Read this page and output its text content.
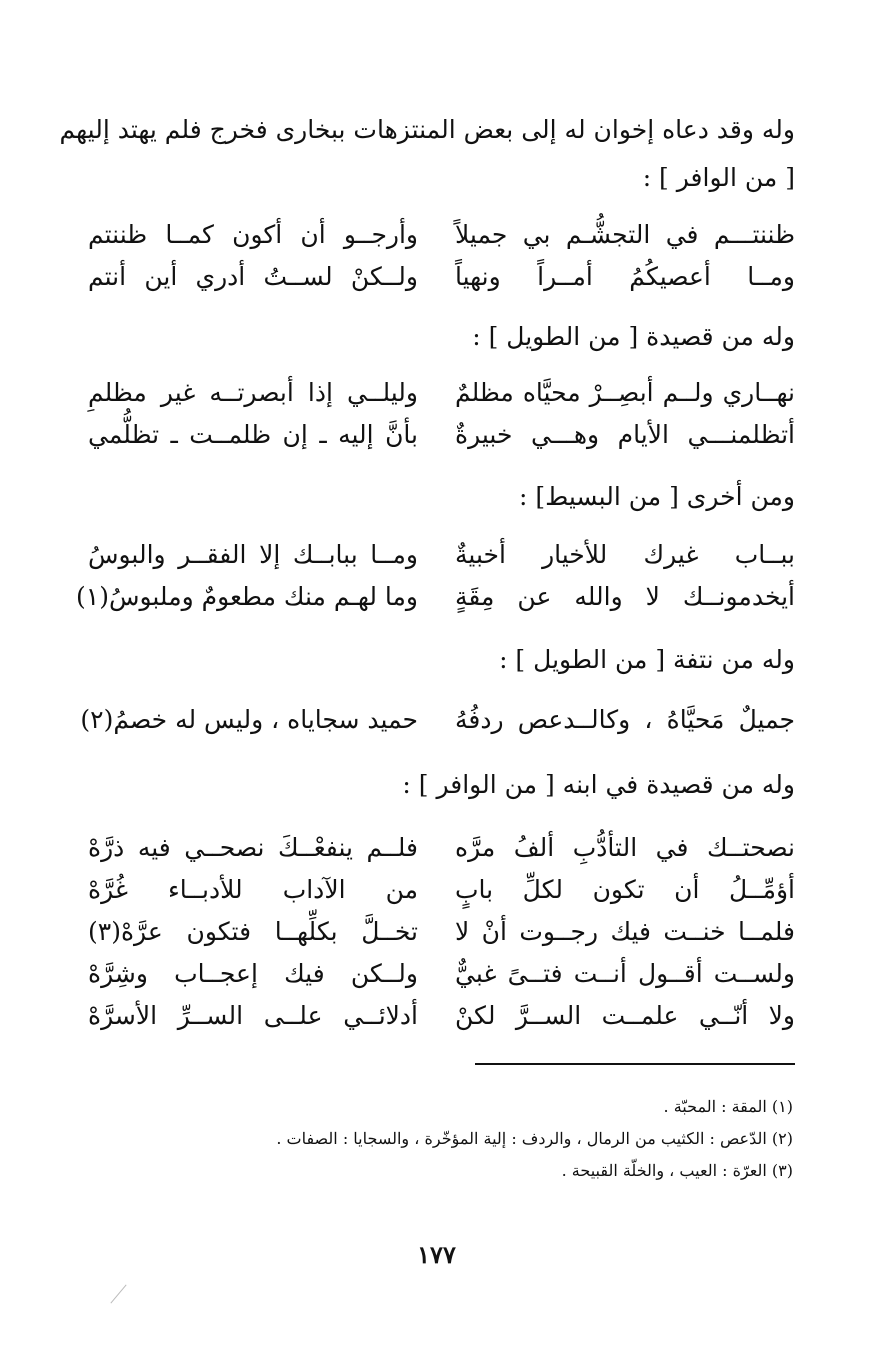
وله وقد دعاه إخوان له إلى بعض المنتزهات ببخارى فخرج فلم يهتد إليهم
[ من الوافر ] :
ظننتـــم في التجشُّـم بي جميلاً
وأرجــو أن أكون كمــا ظننتم
ومــا أعصيكُمُ أمــراً ونهياً
ولــكنْ لســتُ أدري أين أنتم
وله من قصيدة [ من الطويل ] :
نهــاري ولــم أبصِــرْ محيَّاه مظلمٌ
وليلــي إذا أبصرتــه غير مظلمِ
أتظلمنـــي الأيام وهـــي خبيرةٌ
بأنَّ إليه ـ إن ظلمــت ـ تظلُّمي
ومن أخرى [ من البسيط] :
ببــاب غيرك للأخيار أخبيةٌ
ومــا ببابــك إلا الفقــر والبوسُ
أيخدمونــك لا والله عن مِقَةٍ
وما لهـم منك مطعومٌ وملبوسُ(١)
وله من نتفة [ من الطويل ] :
جميلٌ مَحيَّاهُ ، وكالــدعص ردفُهُ
حميد سجاياه ، وليس له خصمُ(٢)
وله من قصيدة في ابنه [ من الوافر ] :
نصحتــك في التأدُّبِ ألفُ مرَّه
فلــم ينفعْــكَ نصحــي فيه ذرَّهْ
أؤمِّــلُ أن تكون لكلِّ بابٍ
من الآداب للأدبــاء غُرَّهْ
فلمــا خنــت فيك رجــوت أنْ لا
تخــلَّ بكلِّهــا فتكون عرَّهْ(٣)
ولســت أقــول أنــت فتــىً غبيٌّ
ولــكن فيك إعجــاب وشِرَّهْ
ولا أنّــي علمــت الســرَّ لكنْ
أدلائــي علــى الســرِّ الأسرَّهْ
(١) المقة : المحبّة .
(٢) الدّعص : الكثيب من الرمال ، والردف : إلية المؤخّرة ، والسجايا : الصفات .
(٣) العرّة : العيب ، والخلّة القبيحة .
١٧٧
